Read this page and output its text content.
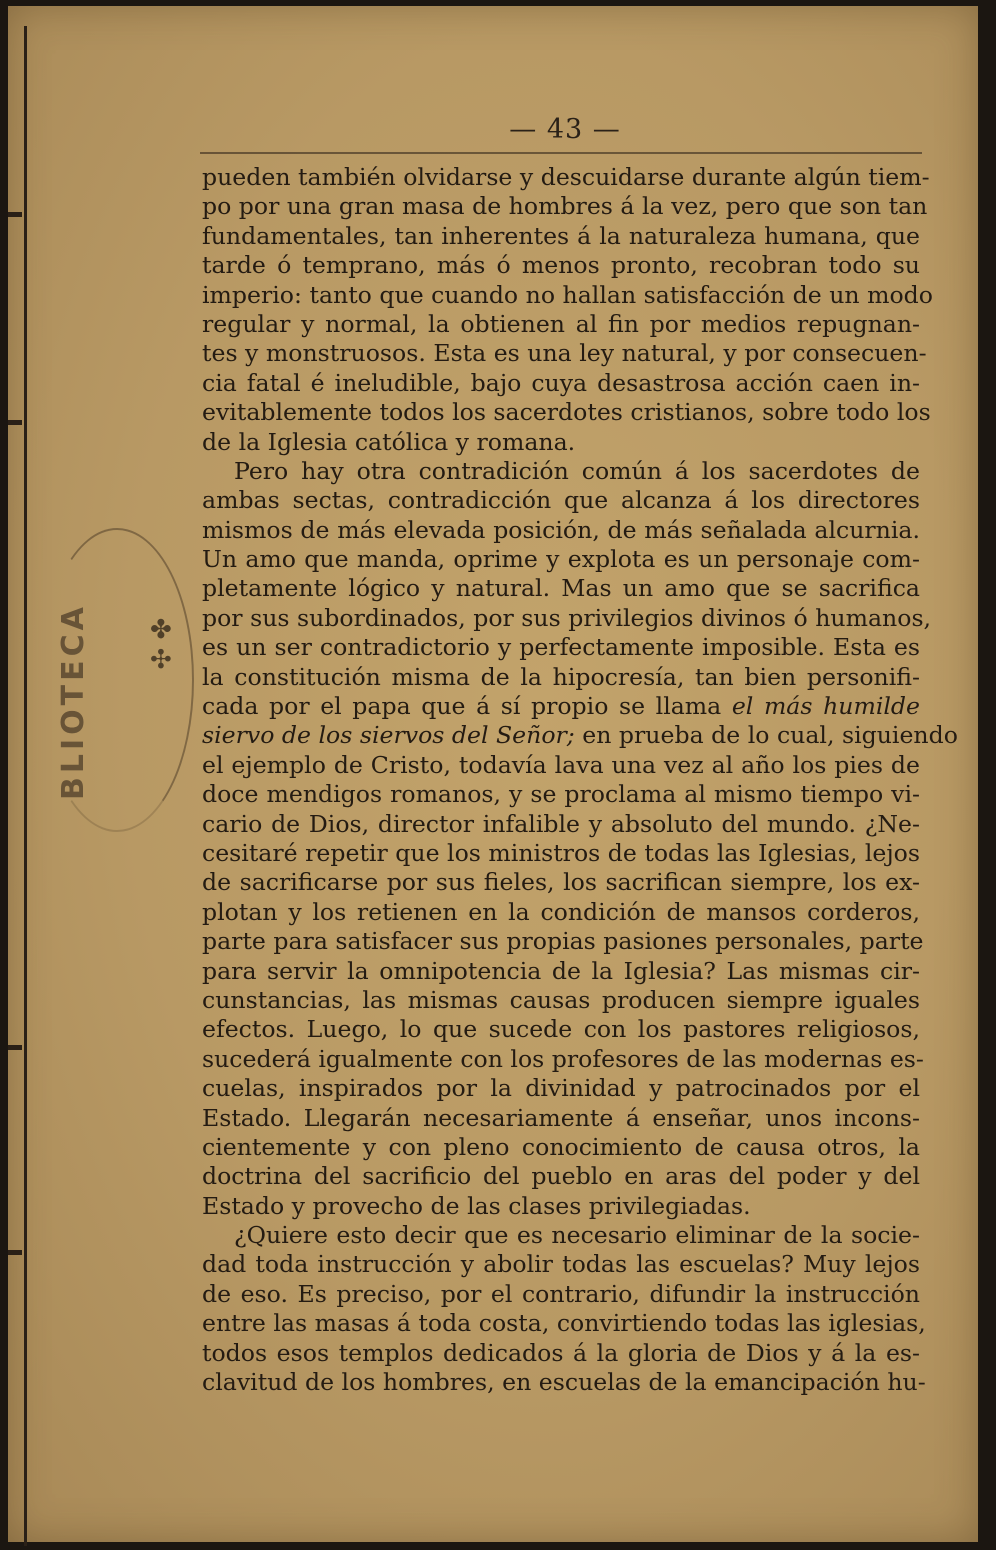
BLIOTECA ✤
✣
— 43 —
pueden también olvidarse y descuidarse durante algún tiem-
po por una gran masa de hombres á la vez, pero que son tan
fundamentales, tan inherentes á la naturaleza humana, que
tarde ó temprano, más ó menos pronto, recobran todo su
imperio: tanto que cuando no hallan satisfacción de un modo
regular y normal, la obtienen al fin por medios repugnan-
tes y monstruosos. Esta es una ley natural, y por consecuen-
cia fatal é ineludible, bajo cuya desastrosa acción caen in-
evitablemente todos los sacerdotes cristianos, sobre todo los
de la Iglesia católica y romana.
Pero hay otra contradición común á los sacerdotes de
ambas sectas, contradicción que alcanza á los directores
mismos de más elevada posición, de más señalada alcurnia.
Un amo que manda, oprime y explota es un personaje com-
pletamente lógico y natural. Mas un amo que se sacrifica
por sus subordinados, por sus privilegios divinos ó humanos,
es un ser contradictorio y perfectamente imposible. Esta es
la constitución misma de la hipocresía, tan bien personifi-
cada por el papa que á sí propio se llama el más humilde
siervo de los siervos del Señor; en prueba de lo cual, siguiendo
el ejemplo de Cristo, todavía lava una vez al año los pies de
doce mendigos romanos, y se proclama al mismo tiempo vi-
cario de Dios, director infalible y absoluto del mundo. ¿Ne-
cesitaré repetir que los ministros de todas las Iglesias, lejos
de sacrificarse por sus fieles, los sacrifican siempre, los ex-
plotan y los retienen en la condición de mansos corderos,
parte para satisfacer sus propias pasiones personales, parte
para servir la omnipotencia de la Iglesia? Las mismas cir-
cunstancias, las mismas causas producen siempre iguales
efectos. Luego, lo que sucede con los pastores religiosos,
sucederá igualmente con los profesores de las modernas es-
cuelas, inspirados por la divinidad y patrocinados por el
Estado. Llegarán necesariamente á enseñar, unos incons-
cientemente y con pleno conocimiento de causa otros, la
doctrina del sacrificio del pueblo en aras del poder y del
Estado y provecho de las clases privilegiadas.
¿Quiere esto decir que es necesario eliminar de la socie-
dad toda instrucción y abolir todas las escuelas? Muy lejos
de eso. Es preciso, por el contrario, difundir la instrucción
entre las masas á toda costa, convirtiendo todas las iglesias,
todos esos templos dedicados á la gloria de Dios y á la es-
clavitud de los hombres, en escuelas de la emancipación hu-
